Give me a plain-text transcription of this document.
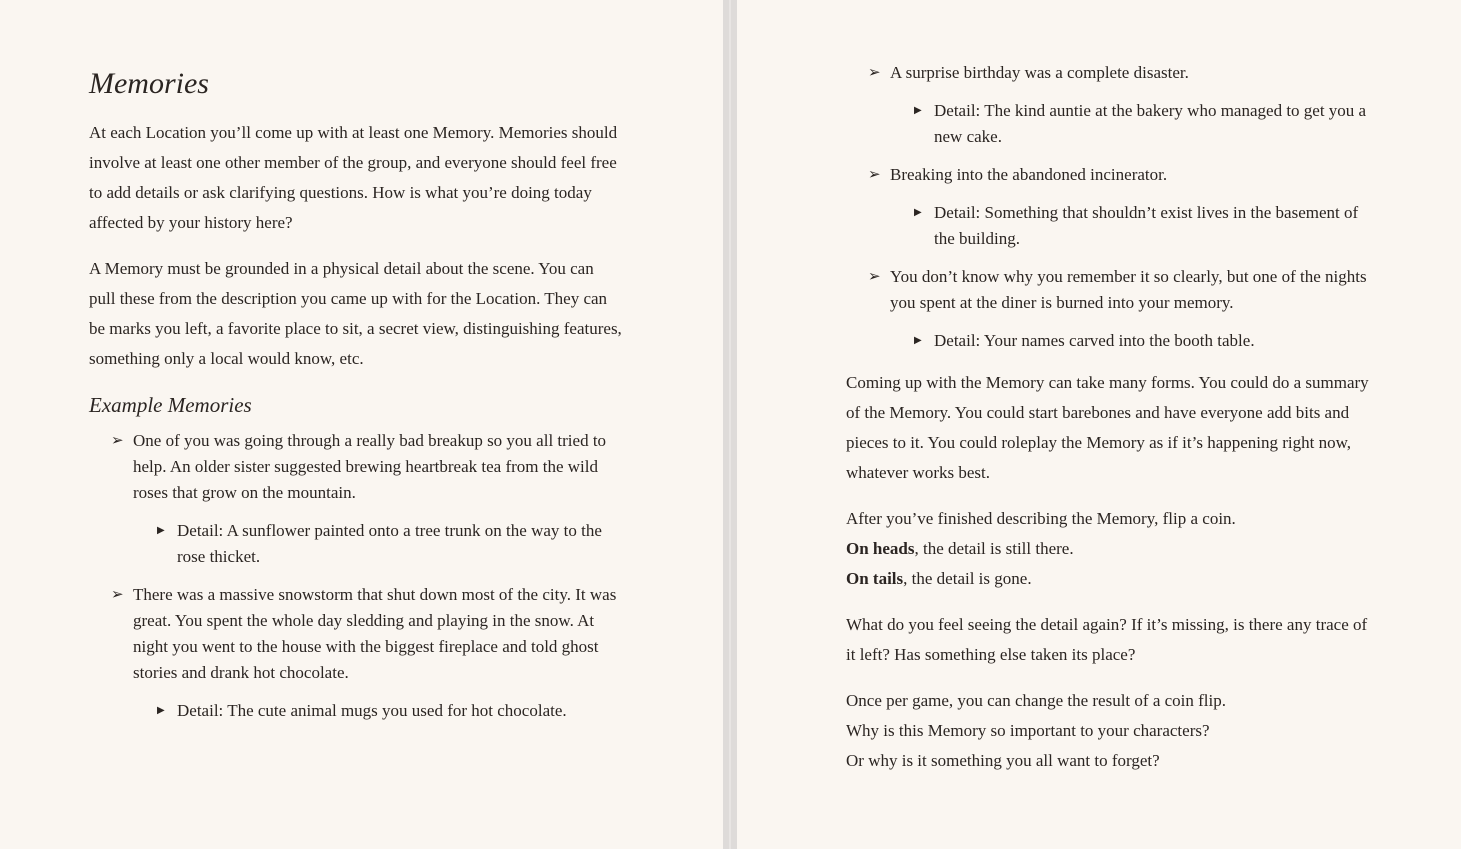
Memories

At each Location you’ll come up with at least one Memory. Memories should involve at least one other member of the group, and everyone should feel free to add details or ask clarifying questions. How is what you’re doing today affected by your history here?

A Memory must be grounded in a physical detail about the scene. You can pull these from the description you came up with for the Location. They can be marks you left, a favorite place to sit, a secret view, distinguishing features, something only a local would know, etc.

Example Memories
➢ One of you was going through a really bad breakup so you all tried to help. An older sister suggested brewing heartbreak tea from the wild roses that grow on the mountain.
▶ Detail: A sunflower painted onto a tree trunk on the way to the rose thicket.
➢ There was a massive snowstorm that shut down most of the city. It was great. You spent the whole day sledding and playing in the snow. At night you went to the house with the biggest fireplace and told ghost stories and drank hot chocolate.
▶ Detail: The cute animal mugs you used for hot chocolate.
➢ A surprise birthday was a complete disaster.
▶ Detail: The kind auntie at the bakery who managed to get you a new cake.
➢ Breaking into the abandoned incinerator.
▶ Detail: Something that shouldn’t exist lives in the basement of the building.
➢ You don’t know why you remember it so clearly, but one of the nights you spent at the diner is burned into your memory.
▶ Detail: Your names carved into the booth table.

Coming up with the Memory can take many forms. You could do a summary of the Memory. You could start barebones and have everyone add bits and pieces to it. You could roleplay the Memory as if it’s happening right now, whatever works best.

After you’ve finished describing the Memory, flip a coin.

On heads, the detail is still there.

On tails, the detail is gone.

What do you feel seeing the detail again? If it’s missing, is there any trace of it left? Has something else taken its place?

Once per game, you can change the result of a coin flip.

Why is this Memory so important to your characters?

Or why is it something you all want to forget?
